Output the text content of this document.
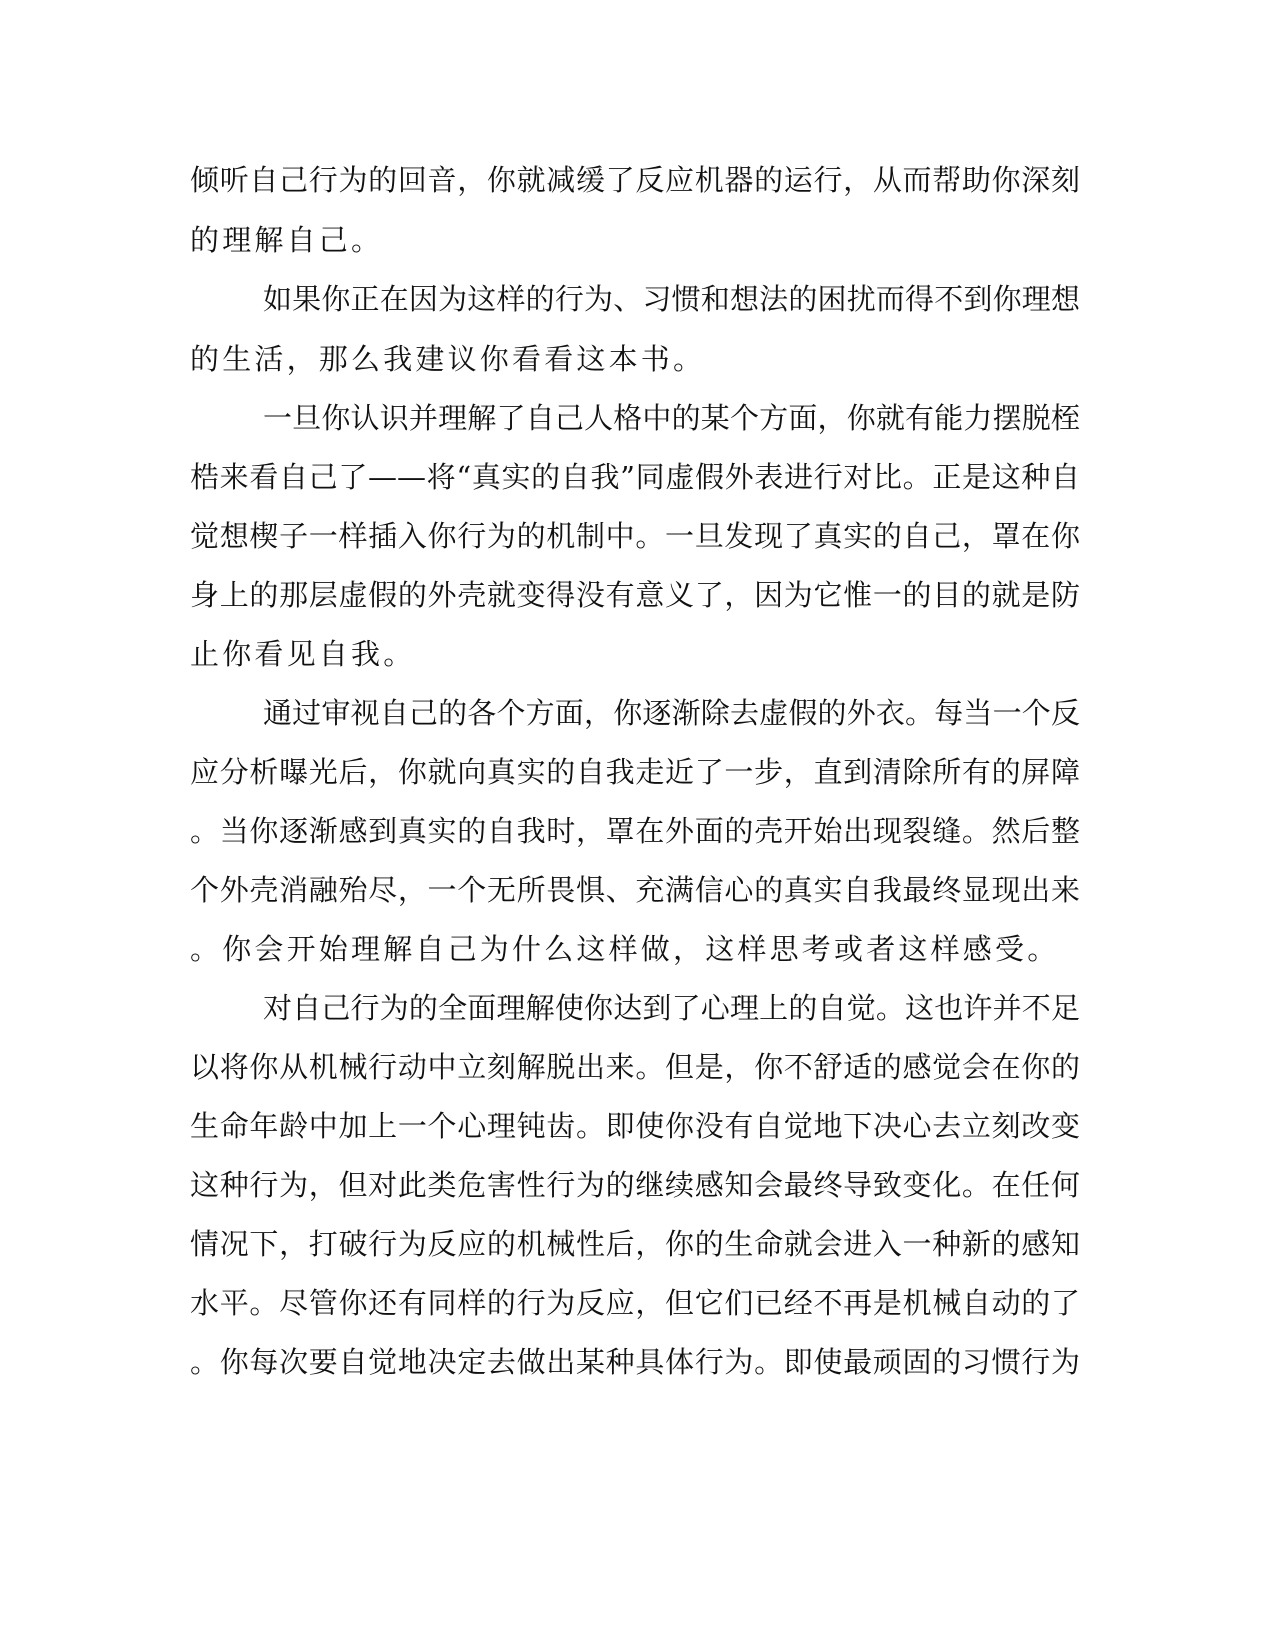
倾听自己行为的回音，你就减缓了反应机器的运行，从而帮助你深刻
的理解自己。
如果你正在因为这样的行为、习惯和想法的困扰而得不到你理想
的生活，那么我建议你看看这本书。
一旦你认识并理解了自己人格中的某个方面，你就有能力摆脱桎
梏来看自己了——将“真实的自我”同虚假外表进行对比。正是这种自
觉想楔子一样插入你行为的机制中。一旦发现了真实的自己，罩在你
身上的那层虚假的外壳就变得没有意义了，因为它惟一的目的就是防
止你看见自我。
通过审视自己的各个方面，你逐渐除去虚假的外衣。每当一个反
应分析曝光后，你就向真实的自我走近了一步，直到清除所有的屏障
。当你逐渐感到真实的自我时，罩在外面的壳开始出现裂缝。然后整
个外壳消融殆尽，一个无所畏惧、充满信心的真实自我最终显现出来
。你会开始理解自己为什么这样做，这样思考或者这样感受。
对自己行为的全面理解使你达到了心理上的自觉。这也许并不足
以将你从机械行动中立刻解脱出来。但是，你不舒适的感觉会在你的
生命年龄中加上一个心理钝齿。即使你没有自觉地下决心去立刻改变
这种行为，但对此类危害性行为的继续感知会最终导致变化。在任何
情况下，打破行为反应的机械性后，你的生命就会进入一种新的感知
水平。尽管你还有同样的行为反应，但它们已经不再是机械自动的了
。你每次要自觉地决定去做出某种具体行为。即使最顽固的习惯行为
